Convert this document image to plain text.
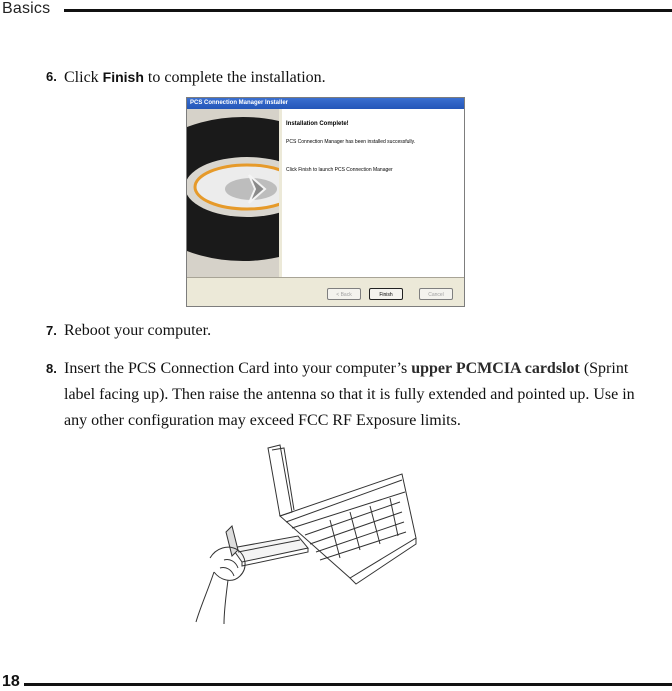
Basics
6. Click Finish to complete the installation.
PCS Connection Manager Installer
Installation Complete!
PCS Connection Manager has been installed successfully.
Click Finish to launch PCS Connection Manager
< Back	Finish	Cancel
7. Reboot your computer.
8. Insert the PCS Connection Card into your computer’s upper PCMCIA cardslot (Sprint label facing up). Then raise the antenna so that it is fully extended and pointed up. Use in any other configuration may exceed FCC RF Exposure limits.
18
